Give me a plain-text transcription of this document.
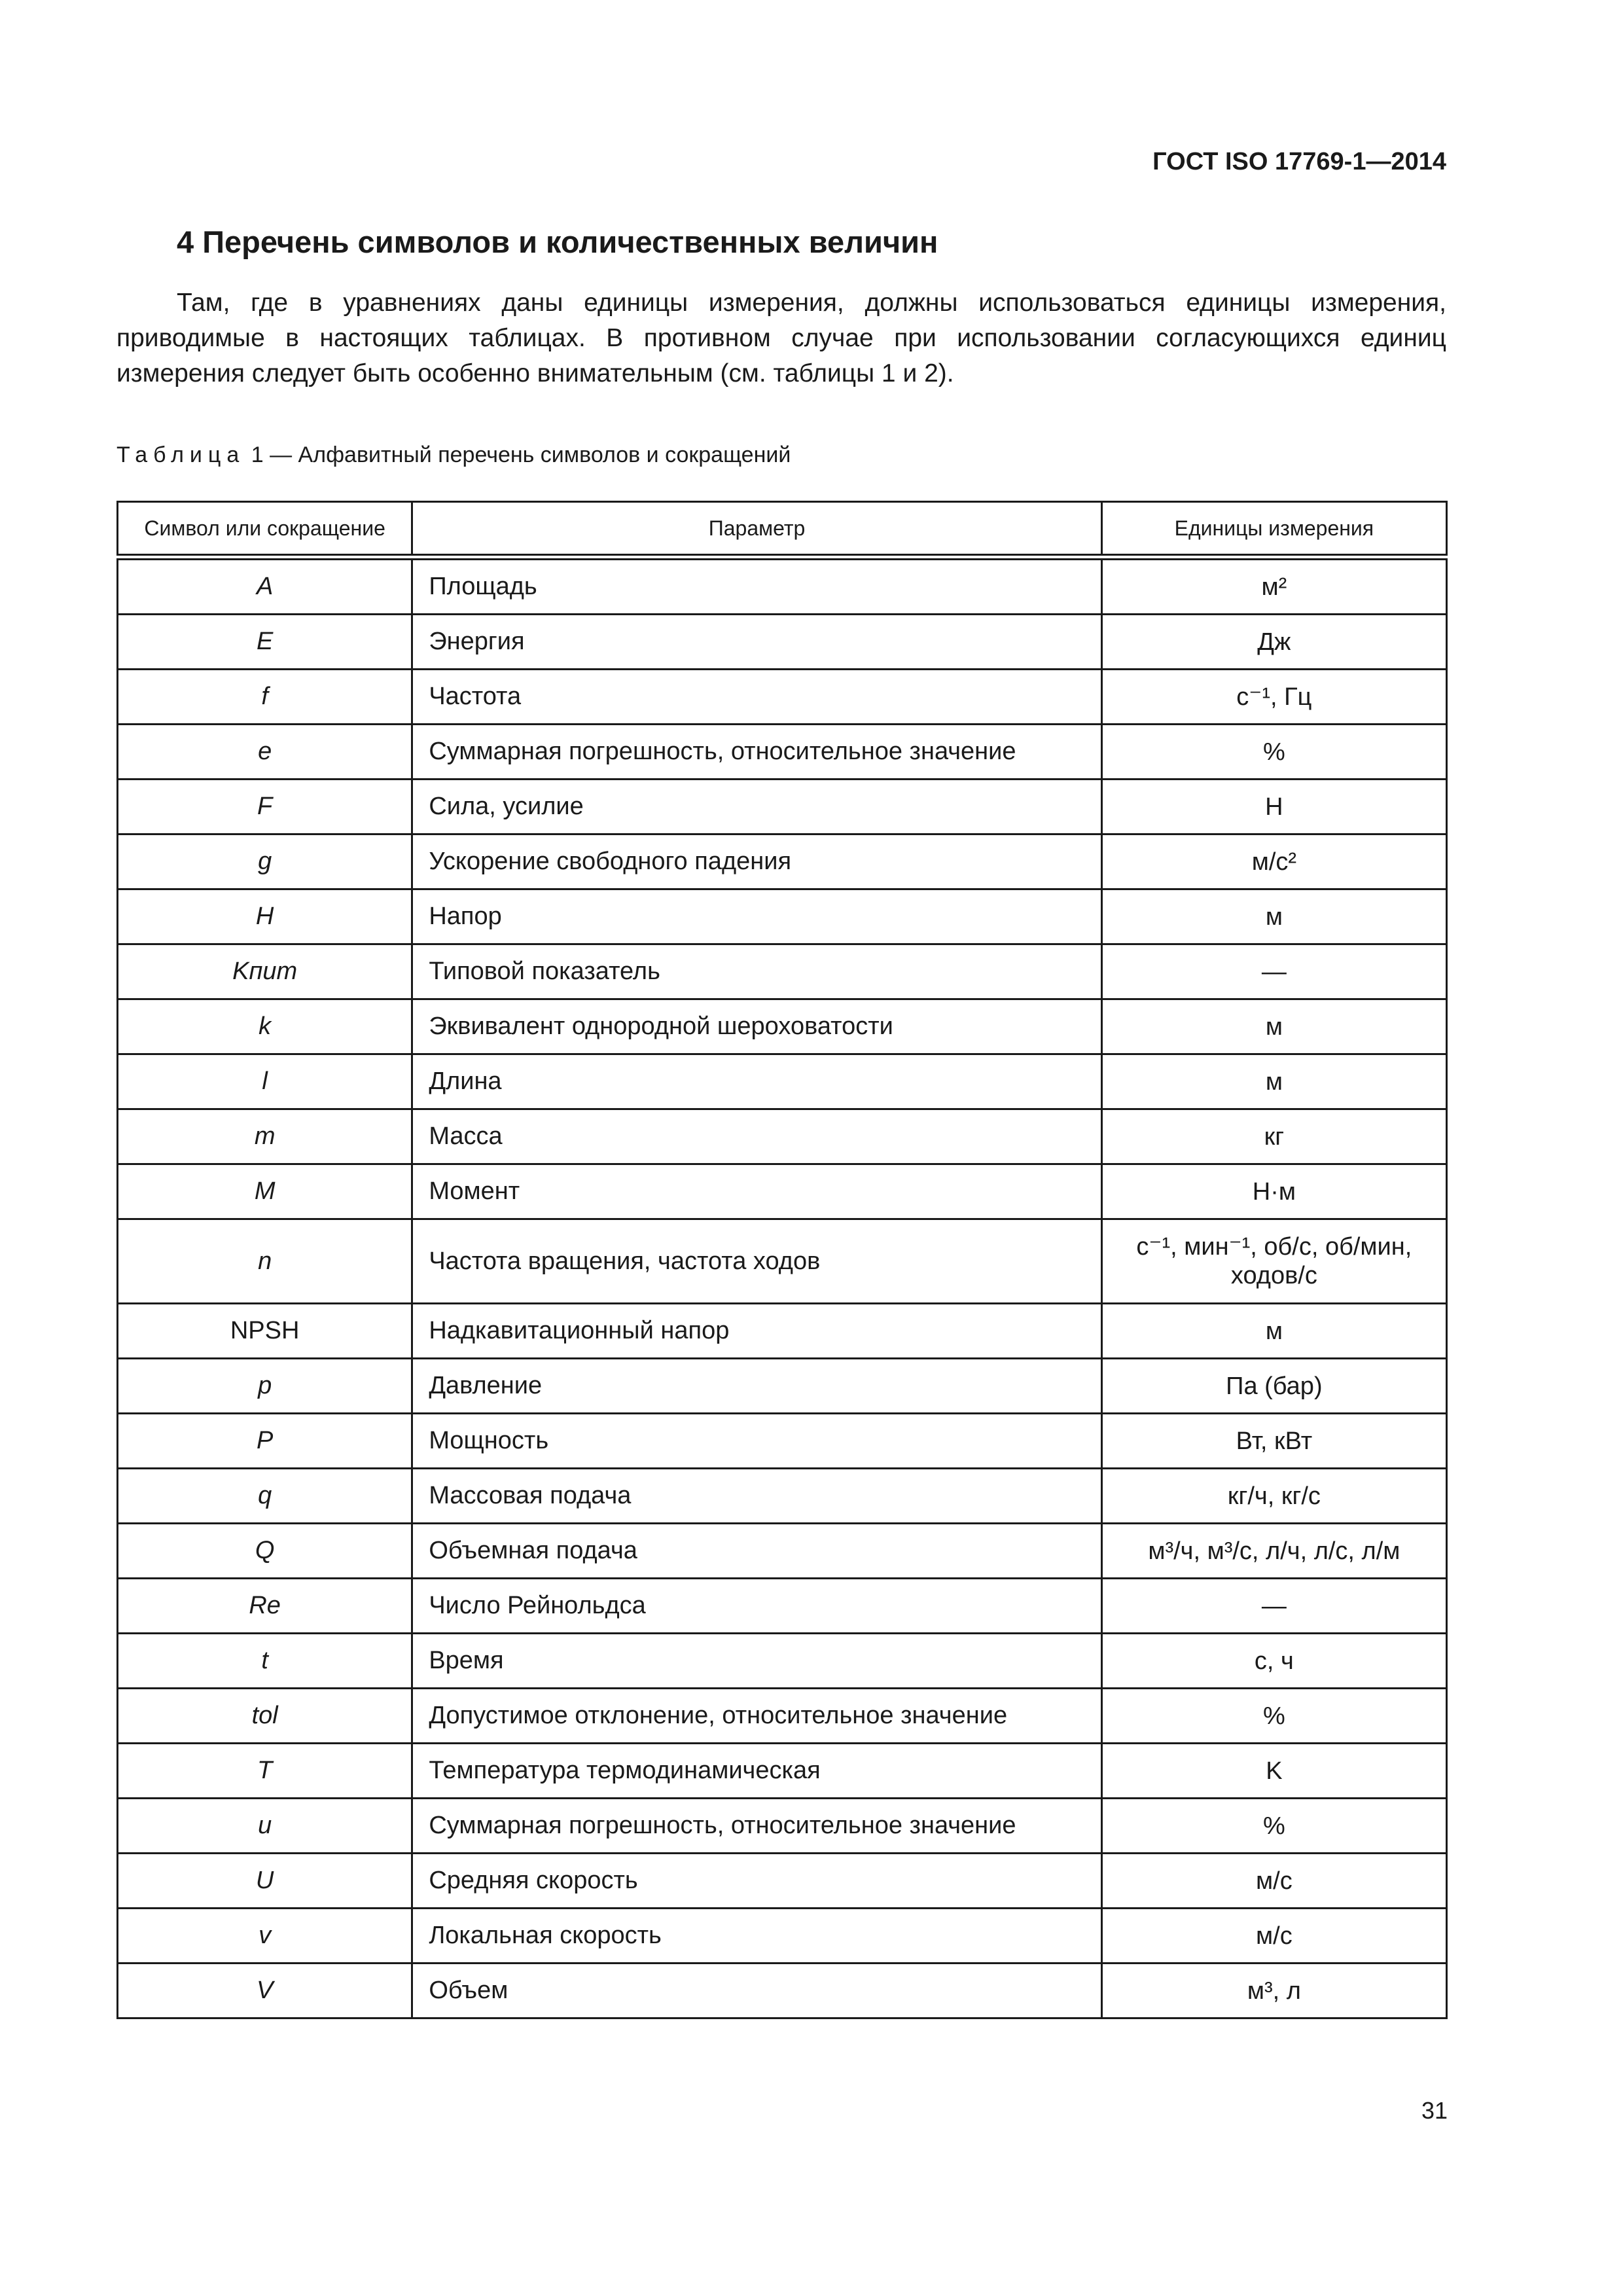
ГОСТ ISO 17769-1—2014

4 Перечень символов и количественных величин

Там, где в уравнениях даны единицы измерения, должны использоваться единицы измерения, приводимые в настоящих таблицах. В противном случае при использовании согласующихся единиц измерения следует быть особенно внимательным (см. таблицы 1 и 2).

Таблица 1 — Алфавитный перечень символов и сокращений

Символ или сокращение	Параметр	Единицы измерения
A	Площадь	м²
E	Энергия	Дж
f	Частота	с⁻¹, Гц
e	Суммарная погрешность, относительное значение	%
F	Сила, усилие	Н
g	Ускорение свободного падения	м/с²
H	Напор	м
Kпит	Типовой показатель	—
k	Эквивалент однородной шероховатости	м
l	Длина	м
m	Масса	кг
M	Момент	Н·м
n	Частота вращения, частота ходов	с⁻¹, мин⁻¹, об/с, об/мин, ходов/с
NPSH	Надкавитационный напор	м
p	Давление	Па (бар)
P	Мощность	Вт, кВт
q	Массовая подача	кг/ч, кг/с
Q	Объемная подача	м³/ч, м³/с, л/ч, л/с, л/м
Re	Число Рейнольдса	—
t	Время	с, ч
tol	Допустимое отклонение, относительное значение	%
T	Температура термодинамическая	K
u	Суммарная погрешность, относительное значение	%
U	Средняя скорость	м/с
v	Локальная скорость	м/с
V	Объем	м³, л

31
